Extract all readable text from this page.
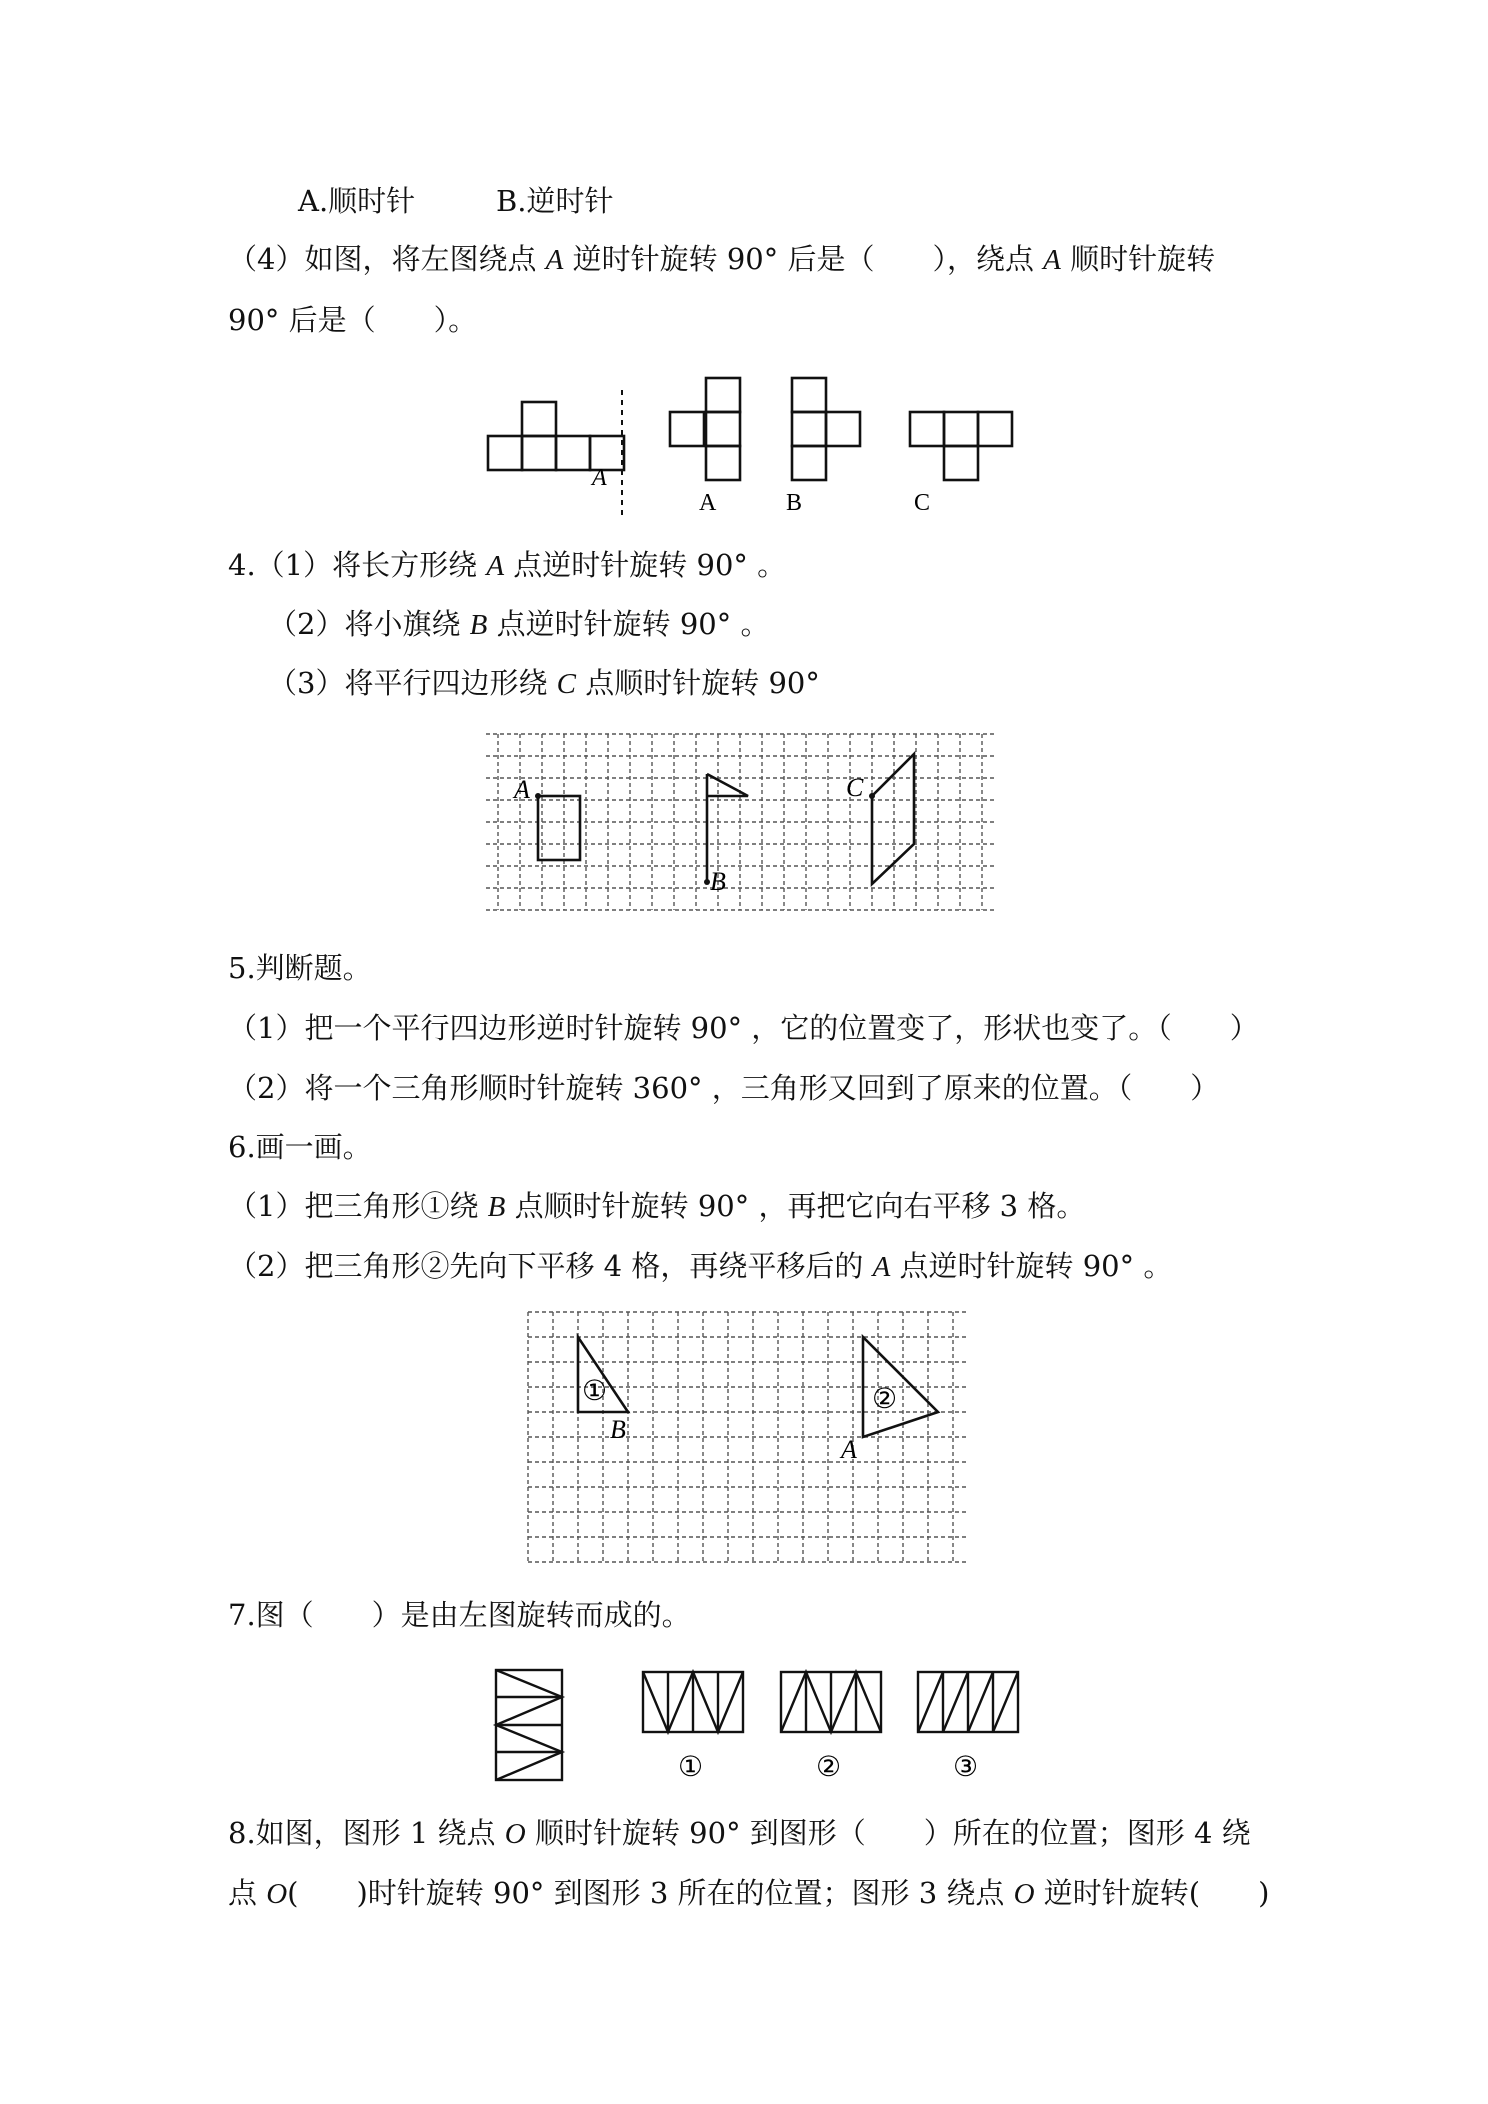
A.顺时针	B.逆时针
（4）如图，将左图绕点 A 逆时针旋转 90° 后是（　　），绕点 A 顺时针旋转
90° 后是（　　）。
A
A	B	C
4.（1）将长方形绕 A 点逆时针旋转 90° 。
（2）将小旗绕 B 点逆时针旋转 90° 。
（3）将平行四边形绕 C 点顺时针旋转 90°
A
B
C
5.判断题。
（1）把一个平行四边形逆时针旋转 90° ，它的位置变了，形状也变了。（　　）
（2）将一个三角形顺时针旋转 360° ，三角形又回到了原来的位置。（　　）
6.画一画。
（1）把三角形①绕 B 点顺时针旋转 90° ，再把它向右平移 3 格。
（2）把三角形②先向下平移 4 格，再绕平移后的 A 点逆时针旋转 90° 。
①	②
B
A
7.图（　　）是由左图旋转而成的。
①	②	③
8.如图，图形 1 绕点 O 顺时针旋转 90° 到图形（　　）所在的位置；图形 4 绕
点 O(　　)时针旋转 90° 到图形 3 所在的位置；图形 3 绕点 O 逆时针旋转(　　)
